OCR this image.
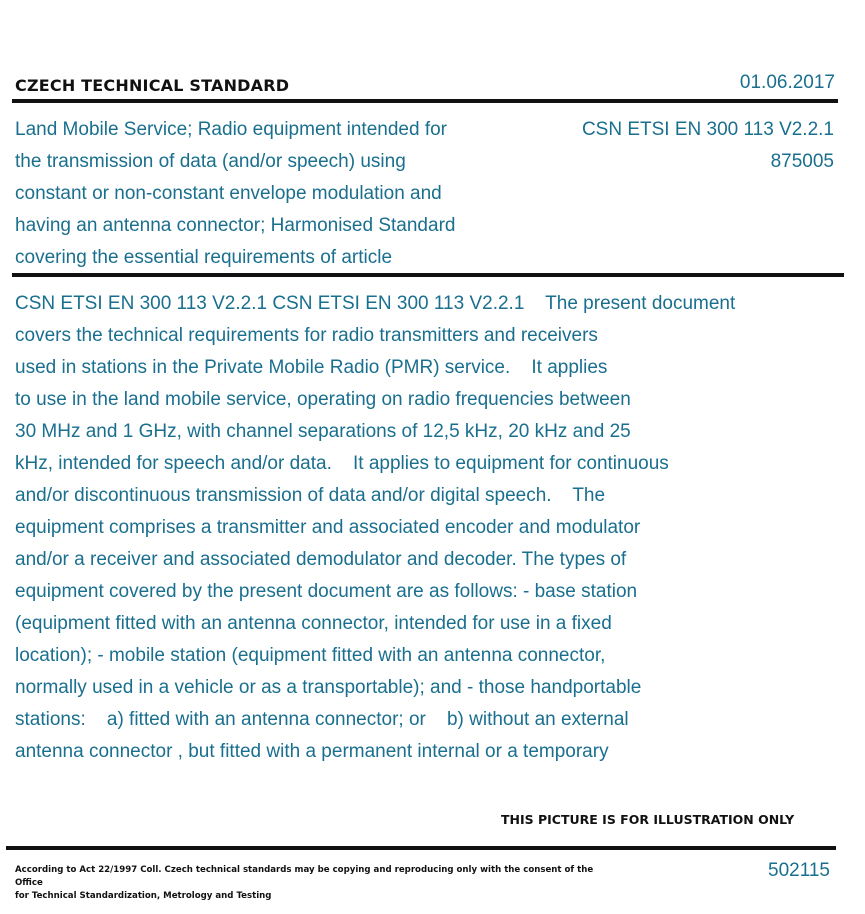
CZECH TECHNICAL STANDARD	01.06.2017
Land Mobile Service; Radio equipment intended for
the transmission of data (and/or speech) using
constant or non-constant envelope modulation and
having an antenna connector; Harmonised Standard
covering the essential requirements of article
CSN ETSI EN 300 113 V2.2.1
875005
CSN ETSI EN 300 113 V2.2.1 CSN ETSI EN 300 113 V2.2.1    The present document
covers the technical requirements for radio transmitters and receivers
used in stations in the Private Mobile Radio (PMR) service.    It applies
to use in the land mobile service, operating on radio frequencies between
30 MHz and 1 GHz, with channel separations of 12,5 kHz, 20 kHz and 25
kHz, intended for speech and/or data.    It applies to equipment for continuous
and/or discontinuous transmission of data and/or digital speech.    The
equipment comprises a transmitter and associated encoder and modulator
and/or a receiver and associated demodulator and decoder. The types of
equipment covered by the present document are as follows: - base station
(equipment fitted with an antenna connector, intended for use in a fixed
location); - mobile station (equipment fitted with an antenna connector,
normally used in a vehicle or as a transportable); and - those handportable
stations:    a) fitted with an antenna connector; or    b) without an external
antenna connector , but fitted with a permanent internal or a temporary
THIS PICTURE IS FOR ILLUSTRATION ONLY
According to Act 22/1997 Coll. Czech technical standards may be copying and reproducing only with the consent of the Office
for Technical Standardization, Metrology and Testing
502115
